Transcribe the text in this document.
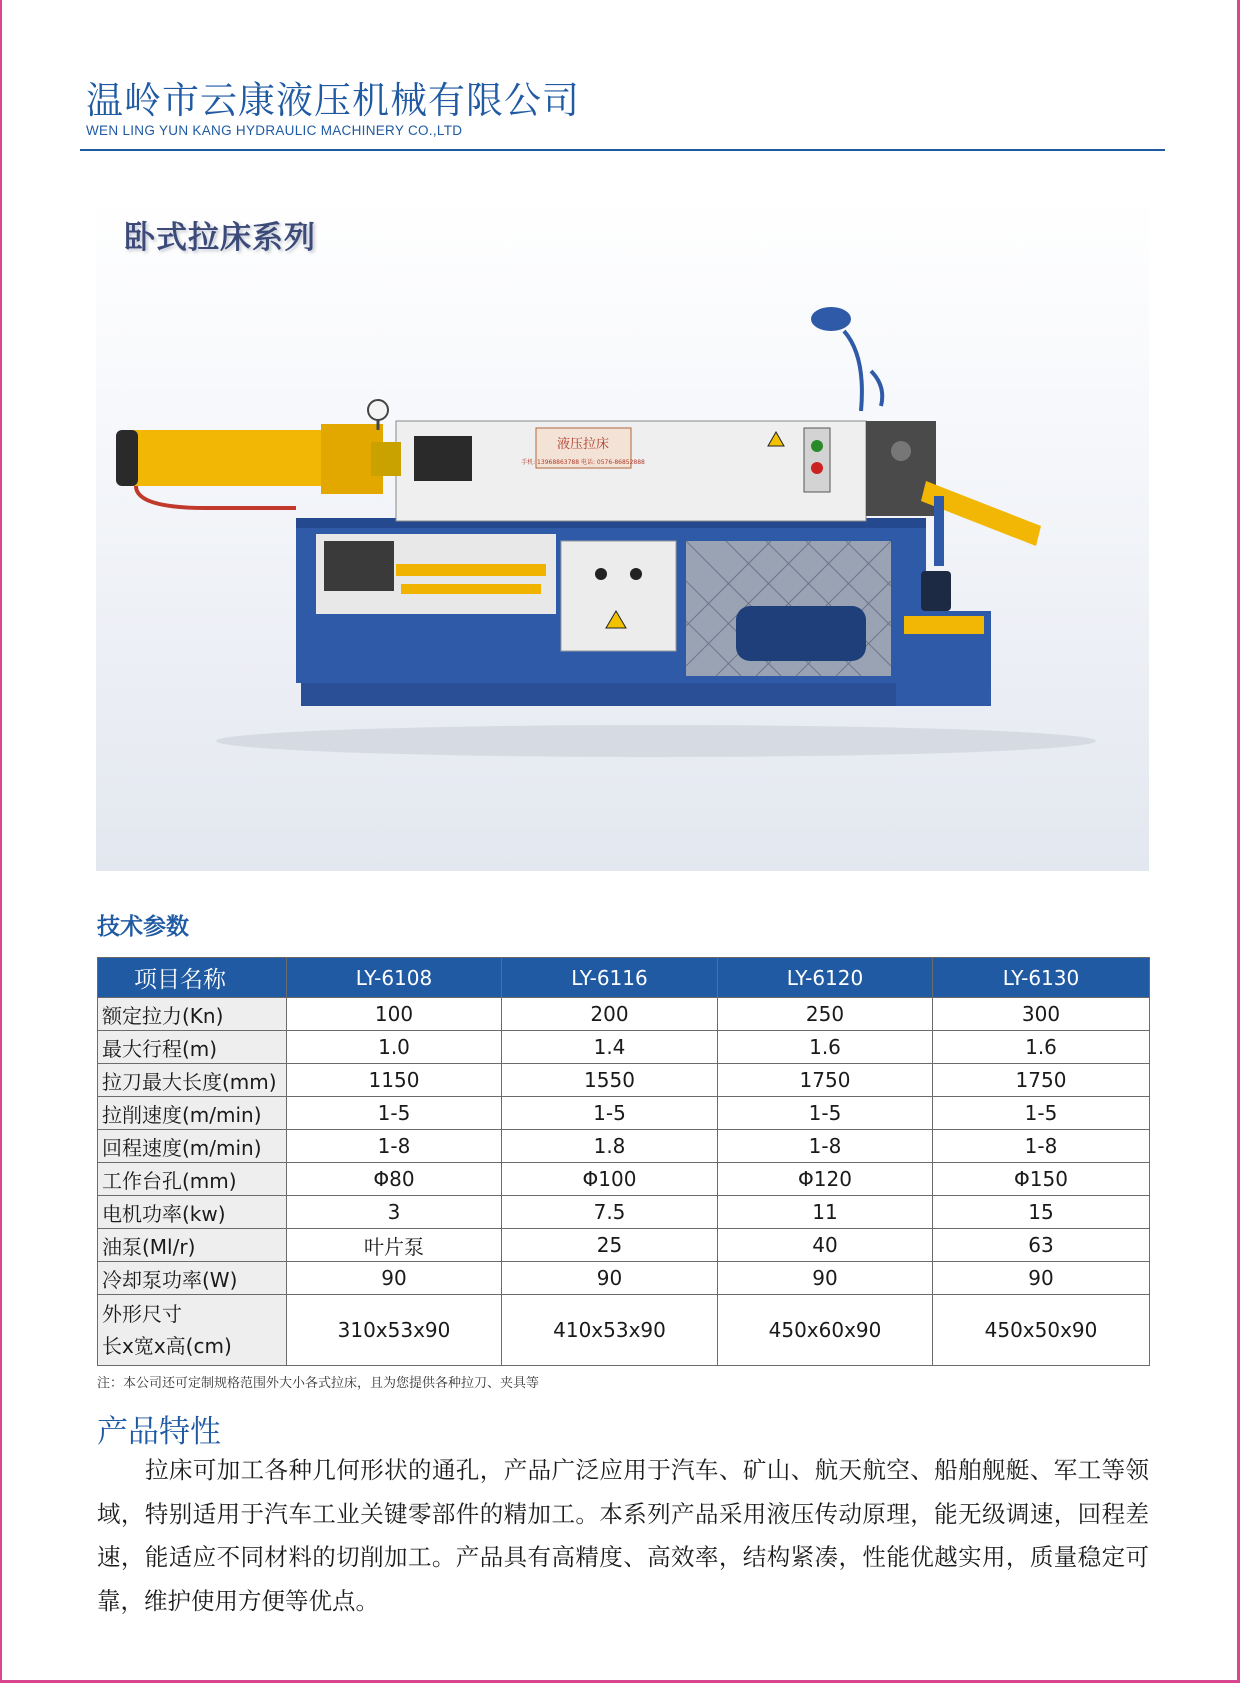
温岭市云康液压机械有限公司
WEN LING YUN KANG HYDRAULIC MACHINERY CO.,LTD
液压拉床
手机: 13968863788 电话: 0576-86852888
卧式拉床系列
技术参数
项目名称	LY-6108	LY-6116	LY-6120	LY-6130
额定拉力(Kn)	100	200	250	300
最大行程(m)	1.0	1.4	1.6	1.6
拉刀最大长度(mm)	1150	1550	1750	1750
拉削速度(m/min)	1-5	1-5	1-5	1-5
回程速度(m/min)	1-8	1.8	1-8	1-8
工作台孔(mm)	Φ80	Φ100	Φ120	Φ150
电机功率(kw)	3	7.5	11	15
油泵(Ml/r)	叶片泵	25	40	63
冷却泵功率(W)	90	90	90	90

外形尺寸
长x宽x高(cm)	310x53x90	410x53x90	450x60x90	450x50x90
注：本公司还可定制规格范围外大小各式拉床，且为您提供各种拉刀、夹具等
产品特性
拉床可加工各种几何形状的通孔，产品广泛应用于汽车、矿山、航天航空、船舶舰艇、军工等领域，特别适用于汽车工业关键零部件的精加工。本系列产品采用液压传动原理，能无级调速，回程差速，能适应不同材料的切削加工。产品具有高精度、高效率，结构紧凑，性能优越实用，质量稳定可靠，维护使用方便等优点。
